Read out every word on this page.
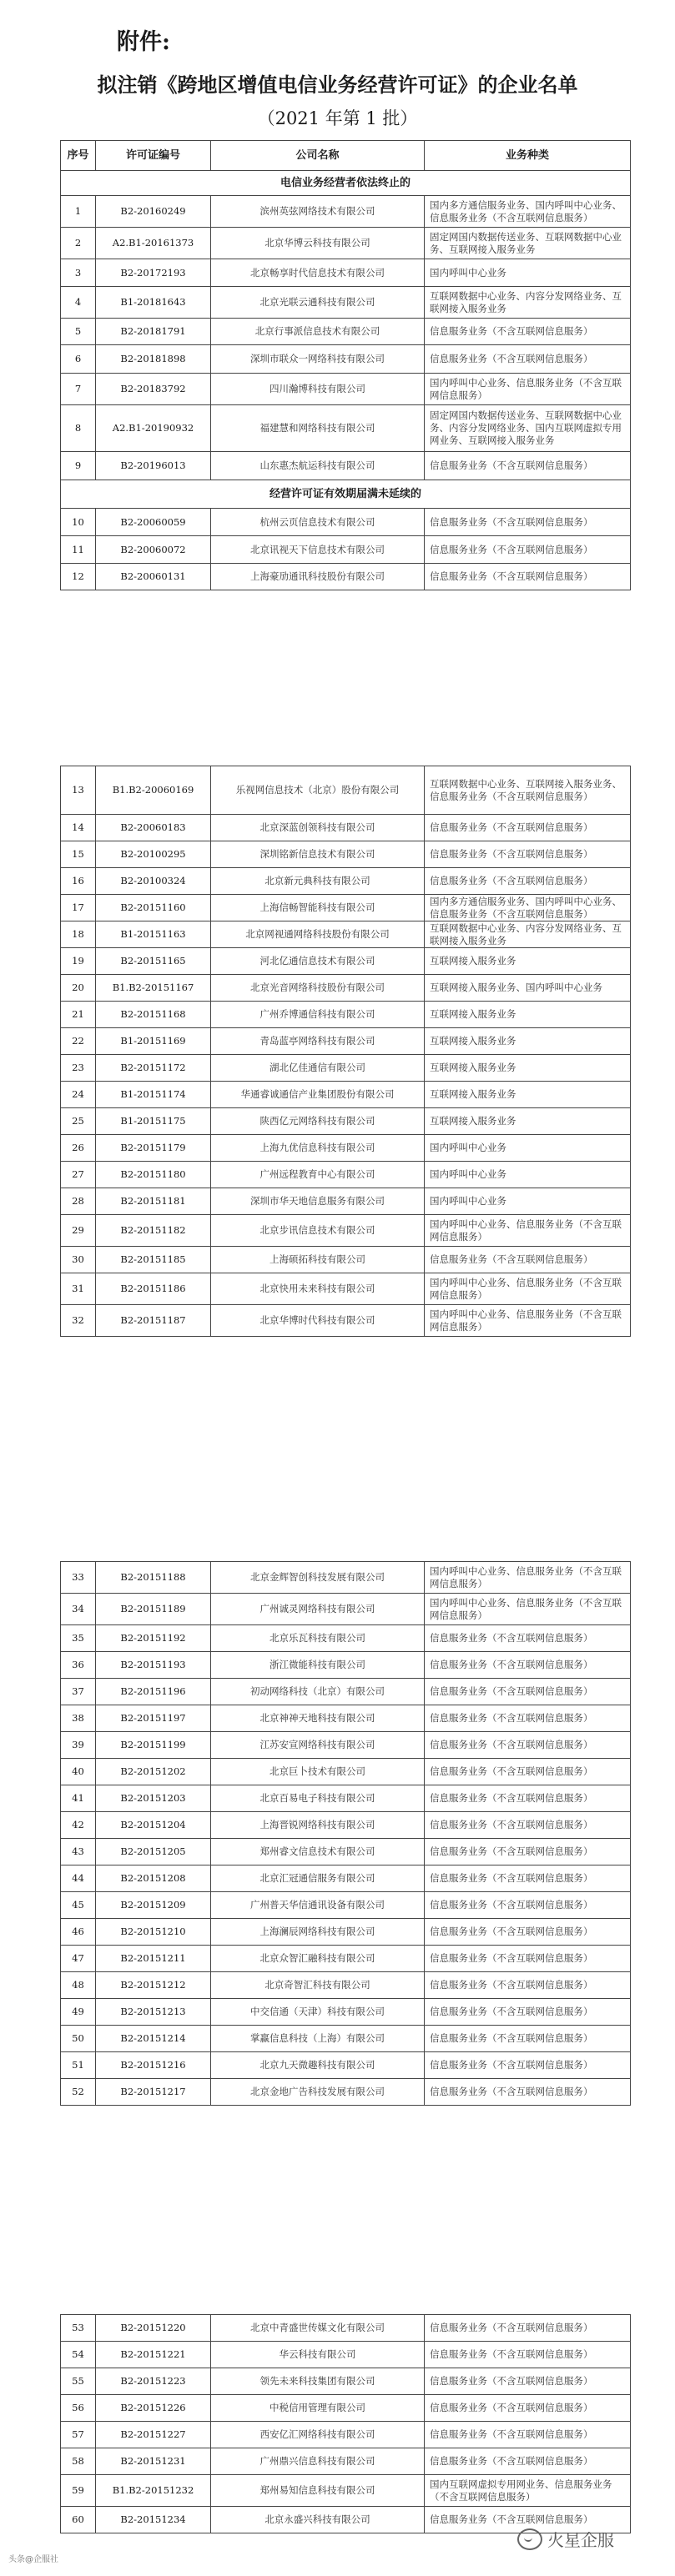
附件:
拟注销《跨地区增值电信业务经营许可证》的企业名单
（2021 年第 1 批）
序号	许可证编号	公司名称	业务种类
电信业务经营者依法终止的			
1	B2-20160249	滨州英弦网络技术有限公司	国内多方通信服务业务、国内呼叫中心业务、信息服务业务（不含互联网信息服务）
2	A2.B1-20161373	北京华博云科技有限公司	固定网国内数据传送业务、互联网数据中心业务、互联网接入服务业务
3	B2-20172193	北京畅享时代信息技术有限公司	国内呼叫中心业务
4	B1-20181643	北京光联云通科技有限公司	互联网数据中心业务、内容分发网络业务、互联网接入服务业务
5	B2-20181791	北京行事派信息技术有限公司	信息服务业务（不含互联网信息服务）
6	B2-20181898	深圳市联众一网络科技有限公司	信息服务业务（不含互联网信息服务）
7	B2-20183792	四川瀚博科技有限公司	国内呼叫中心业务、信息服务业务（不含互联网信息服务）
8	A2.B1-20190932	福建慧和网络科技有限公司	固定网国内数据传送业务、互联网数据中心业务、内容分发网络业务、国内互联网虚拟专用网业务、互联网接入服务业务
9	B2-20196013	山东惠杰航运科技有限公司	信息服务业务（不含互联网信息服务）
经营许可证有效期届满未延续的			
10	B2-20060059	杭州云页信息技术有限公司	信息服务业务（不含互联网信息服务）
11	B2-20060072	北京讯视天下信息技术有限公司	信息服务业务（不含互联网信息服务）
12	B2-20060131	上海豪劢通讯科技股份有限公司	信息服务业务（不含互联网信息服务）
13	B1.B2-20060169	乐视网信息技术（北京）股份有限公司	互联网数据中心业务、互联网接入服务业务、信息服务业务（不含互联网信息服务）
14	B2-20060183	北京深蓝创领科技有限公司	信息服务业务（不含互联网信息服务）
15	B2-20100295	深圳铭新信息技术有限公司	信息服务业务（不含互联网信息服务）
16	B2-20100324	北京新元典科技有限公司	信息服务业务（不含互联网信息服务）
17	B2-20151160	上海信畅智能科技有限公司	国内多方通信服务业务、国内呼叫中心业务、信息服务业务（不含互联网信息服务）
18	B1-20151163	北京网视通网络科技股份有限公司	互联网数据中心业务、内容分发网络业务、互联网接入服务业务
19	B2-20151165	河北亿通信息技术有限公司	互联网接入服务业务
20	B1.B2-20151167	北京光音网络科技股份有限公司	互联网接入服务业务、国内呼叫中心业务
21	B2-20151168	广州乔博通信科技有限公司	互联网接入服务业务
22	B1-20151169	青岛蓝亭网络科技有限公司	互联网接入服务业务
23	B2-20151172	湖北亿佳通信有限公司	互联网接入服务业务
24	B1-20151174	华通睿诚通信产业集团股份有限公司	互联网接入服务业务
25	B1-20151175	陕西亿元网络科技有限公司	互联网接入服务业务
26	B2-20151179	上海九优信息科技有限公司	国内呼叫中心业务
27	B2-20151180	广州远程教育中心有限公司	国内呼叫中心业务
28	B2-20151181	深圳市华天地信息服务有限公司	国内呼叫中心业务
29	B2-20151182	北京步讯信息技术有限公司	国内呼叫中心业务、信息服务业务（不含互联网信息服务）
30	B2-20151185	上海硕拓科技有限公司	信息服务业务（不含互联网信息服务）
31	B2-20151186	北京快用未来科技有限公司	国内呼叫中心业务、信息服务业务（不含互联网信息服务）
32	B2-20151187	北京华博时代科技有限公司	国内呼叫中心业务、信息服务业务（不含互联网信息服务）
33	B2-20151188	北京金辉智创科技发展有限公司	国内呼叫中心业务、信息服务业务（不含互联网信息服务）
34	B2-20151189	广州诚灵网络科技有限公司	国内呼叫中心业务、信息服务业务（不含互联网信息服务）
35	B2-20151192	北京乐瓦科技有限公司	信息服务业务（不含互联网信息服务）
36	B2-20151193	浙江微能科技有限公司	信息服务业务（不含互联网信息服务）
37	B2-20151196	初动网络科技（北京）有限公司	信息服务业务（不含互联网信息服务）
38	B2-20151197	北京神神天地科技有限公司	信息服务业务（不含互联网信息服务）
39	B2-20151199	江苏安宣网络科技有限公司	信息服务业务（不含互联网信息服务）
40	B2-20151202	北京巨卜技术有限公司	信息服务业务（不含互联网信息服务）
41	B2-20151203	北京百易电子科技有限公司	信息服务业务（不含互联网信息服务）
42	B2-20151204	上海晋锐网络科技有限公司	信息服务业务（不含互联网信息服务）
43	B2-20151205	郑州睿文信息技术有限公司	信息服务业务（不含互联网信息服务）
44	B2-20151208	北京汇冠通信服务有限公司	信息服务业务（不含互联网信息服务）
45	B2-20151209	广州普天华信通讯设备有限公司	信息服务业务（不含互联网信息服务）
46	B2-20151210	上海澜辰网络科技有限公司	信息服务业务（不含互联网信息服务）
47	B2-20151211	北京众智汇融科技有限公司	信息服务业务（不含互联网信息服务）
48	B2-20151212	北京奇智汇科技有限公司	信息服务业务（不含互联网信息服务）
49	B2-20151213	中交信通（天津）科技有限公司	信息服务业务（不含互联网信息服务）
50	B2-20151214	掌赢信息科技（上海）有限公司	信息服务业务（不含互联网信息服务）
51	B2-20151216	北京九天微趣科技有限公司	信息服务业务（不含互联网信息服务）
52	B2-20151217	北京金地广告科技发展有限公司	信息服务业务（不含互联网信息服务）
53	B2-20151220	北京中青盛世传媒文化有限公司	信息服务业务（不含互联网信息服务）
54	B2-20151221	华云科技有限公司	信息服务业务（不含互联网信息服务）
55	B2-20151223	领先未来科技集团有限公司	信息服务业务（不含互联网信息服务）
56	B2-20151226	中税信用管理有限公司	信息服务业务（不含互联网信息服务）
57	B2-20151227	西安亿汇网络科技有限公司	信息服务业务（不含互联网信息服务）
58	B2-20151231	广州鼎兴信息科技有限公司	信息服务业务（不含互联网信息服务）
59	B1.B2-20151232	郑州易知信息科技有限公司	国内互联网虚拟专用网业务、信息服务业务（不含互联网信息服务）
60	B2-20151234	北京永盛兴科技有限公司	信息服务业务（不含互联网信息服务）
头条@企服社
火星企服
